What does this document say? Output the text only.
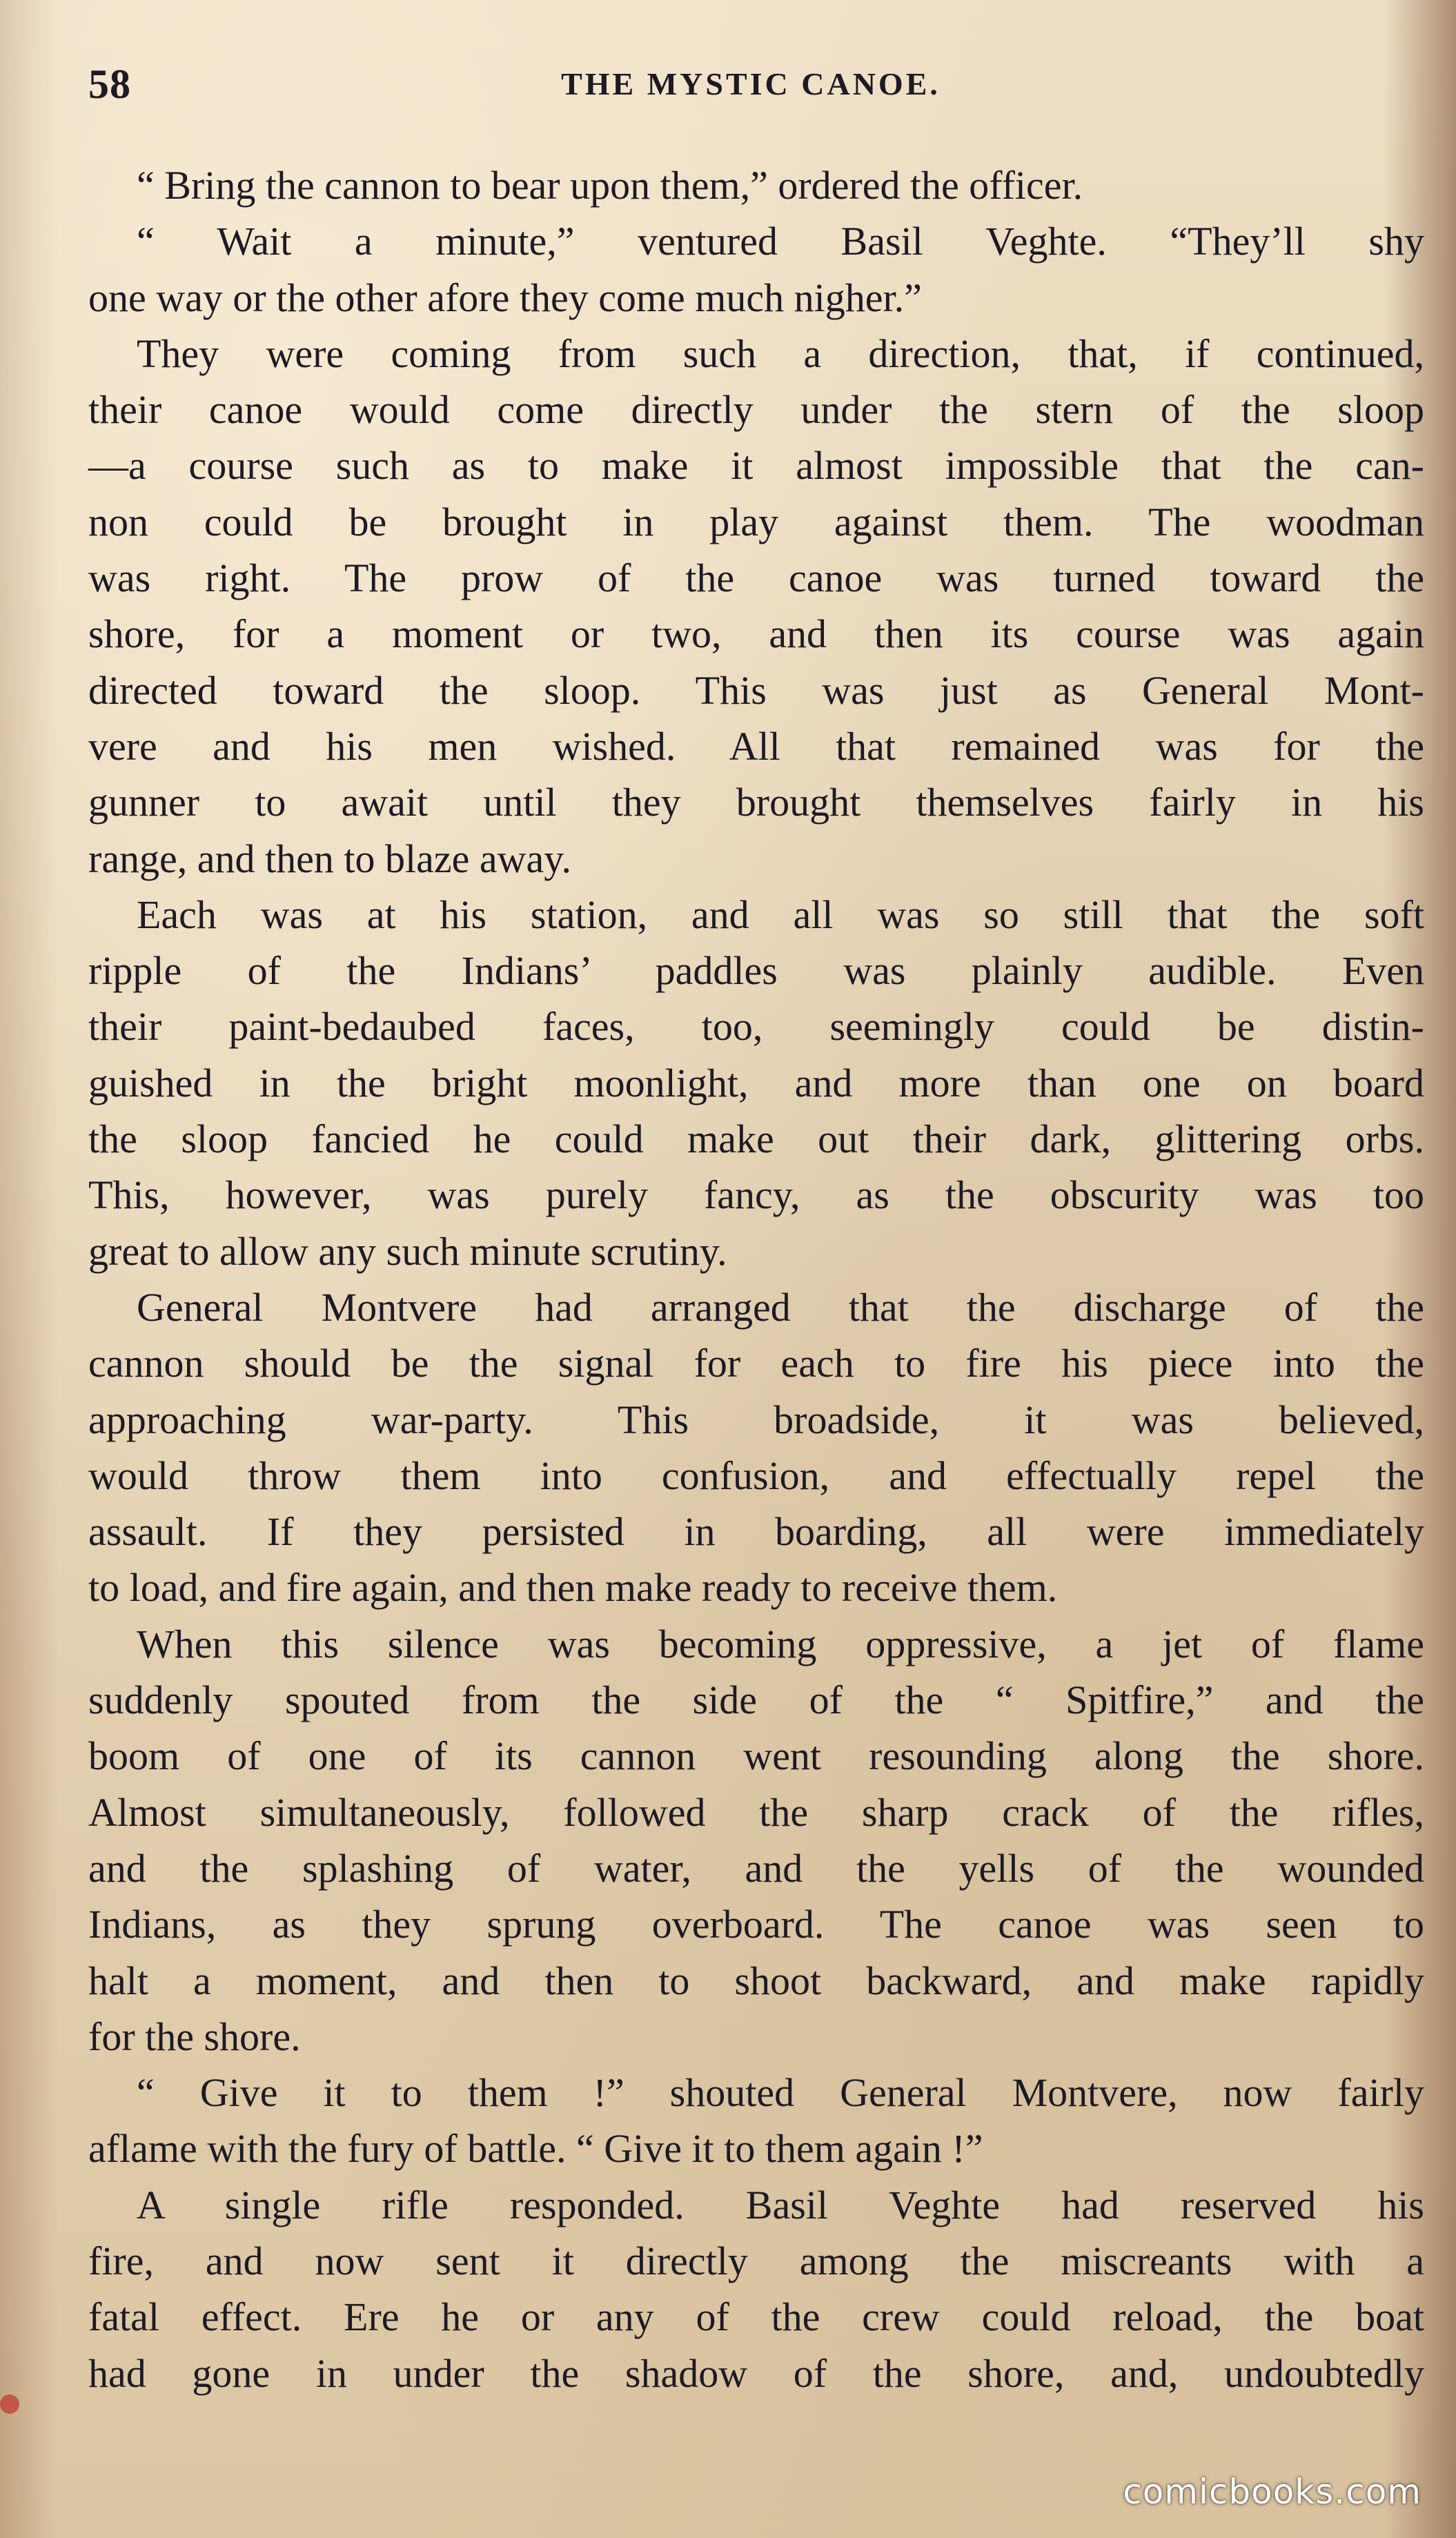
58	THE MYSTIC CANOE.
“ Bring the cannon to bear upon them,” ordered the officer.
“ Wait a minute,” ventured Basil Veghte. “They’ll shy
one way or the other afore they come much nigher.”
They were coming from such a direction, that, if continued,
their canoe would come directly under the stern of the sloop
—a course such as to make it almost impossible that the can-
non could be brought in play against them. The woodman
was right. The prow of the canoe was turned toward the
shore, for a moment or two, and then its course was again
directed toward the sloop. This was just as General Mont-
vere and his men wished. All that remained was for the
gunner to await until they brought themselves fairly in his
range, and then to blaze away.
Each was at his station, and all was so still that the soft
ripple of the Indians’ paddles was plainly audible. Even
their paint-bedaubed faces, too, seemingly could be distin-
guished in the bright moonlight, and more than one on board
the sloop fancied he could make out their dark, glittering orbs.
This, however, was purely fancy, as the obscurity was too
great to allow any such minute scrutiny.
General Montvere had arranged that the discharge of the
cannon should be the signal for each to fire his piece into the
approaching war-party. This broadside, it was believed,
would throw them into confusion, and effectually repel the
assault. If they persisted in boarding, all were immediately
to load, and fire again, and then make ready to receive them.
When this silence was becoming oppressive, a jet of flame
suddenly spouted from the side of the “ Spitfire,” and the
boom of one of its cannon went resounding along the shore.
Almost simultaneously, followed the sharp crack of the rifles,
and the splashing of water, and the yells of the wounded
Indians, as they sprung overboard. The canoe was seen to
halt a moment, and then to shoot backward, and make rapidly
for the shore.
“ Give it to them !” shouted General Montvere, now fairly
aflame with the fury of battle. “ Give it to them again !”
A single rifle responded. Basil Veghte had reserved his
fire, and now sent it directly among the miscreants with a
fatal effect. Ere he or any of the crew could reload, the boat
had gone in under the shadow of the shore, and, undoubtedly
comicbooks.com
